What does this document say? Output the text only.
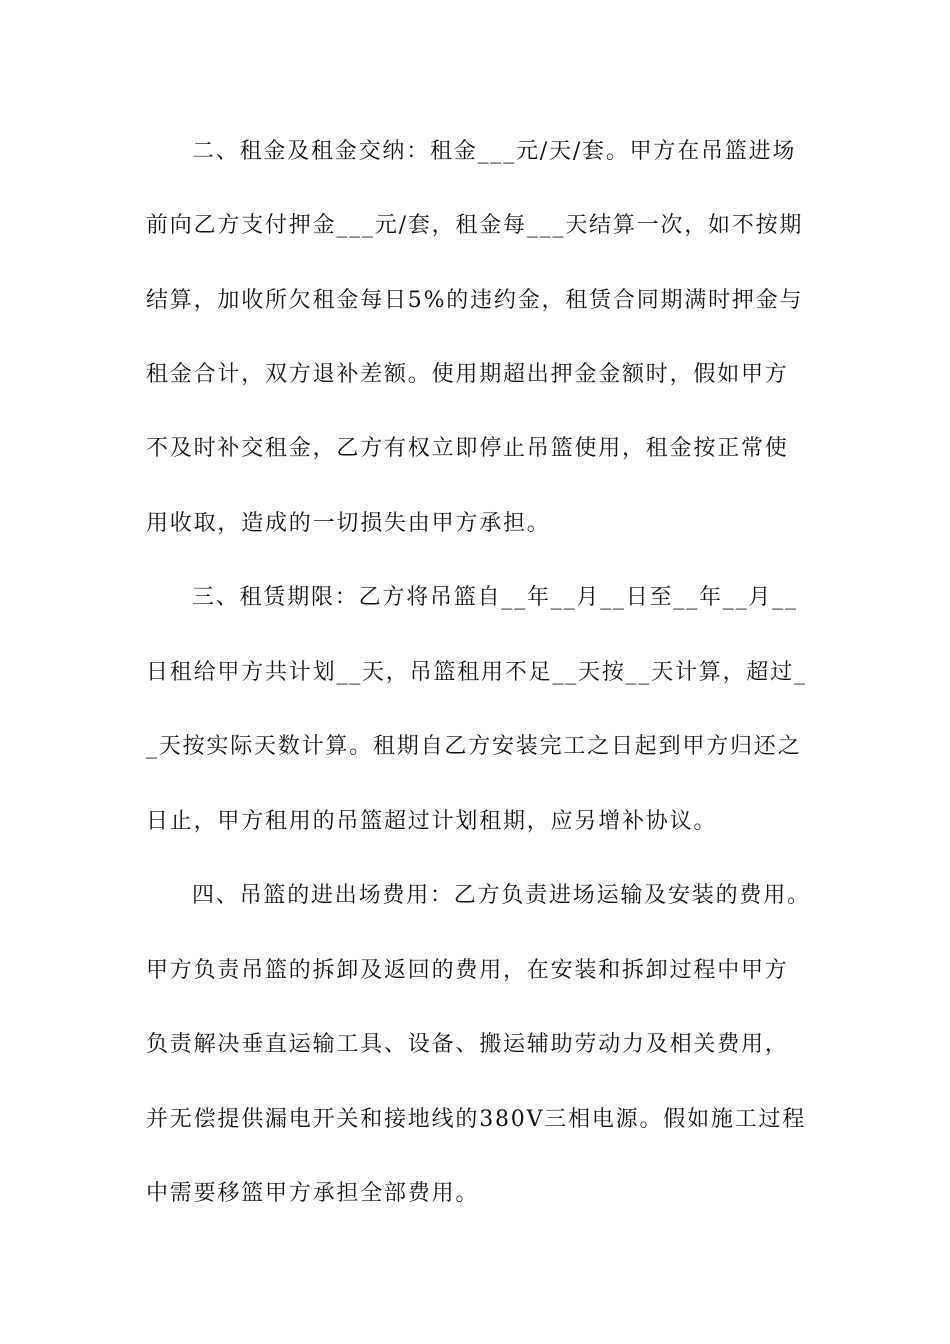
二、租金及租金交纳：租金___元/天/套。甲方在吊篮进场
前向乙方支付押金___元/套，租金每___天结算一次，如不按期
结算，加收所欠租金每日5%的违约金，租赁合同期满时押金与
租金合计，双方退补差额。使用期超出押金金额时，假如甲方
不及时补交租金，乙方有权立即停止吊篮使用，租金按正常使
用收取，造成的一切损失由甲方承担。
三、租赁期限：乙方将吊篮自__年__月__日至__年__月__
日租给甲方共计划__天，吊篮租用不足__天按__天计算，超过_
_天按实际天数计算。租期自乙方安装完工之日起到甲方归还之
日止，甲方租用的吊篮超过计划租期，应另增补协议。
四、吊篮的进出场费用：乙方负责进场运输及安装的费用。
甲方负责吊篮的拆卸及返回的费用，在安装和拆卸过程中甲方
负责解决垂直运输工具、设备、搬运辅助劳动力及相关费用，
并无偿提供漏电开关和接地线的380V三相电源。假如施工过程
中需要移篮甲方承担全部费用。
